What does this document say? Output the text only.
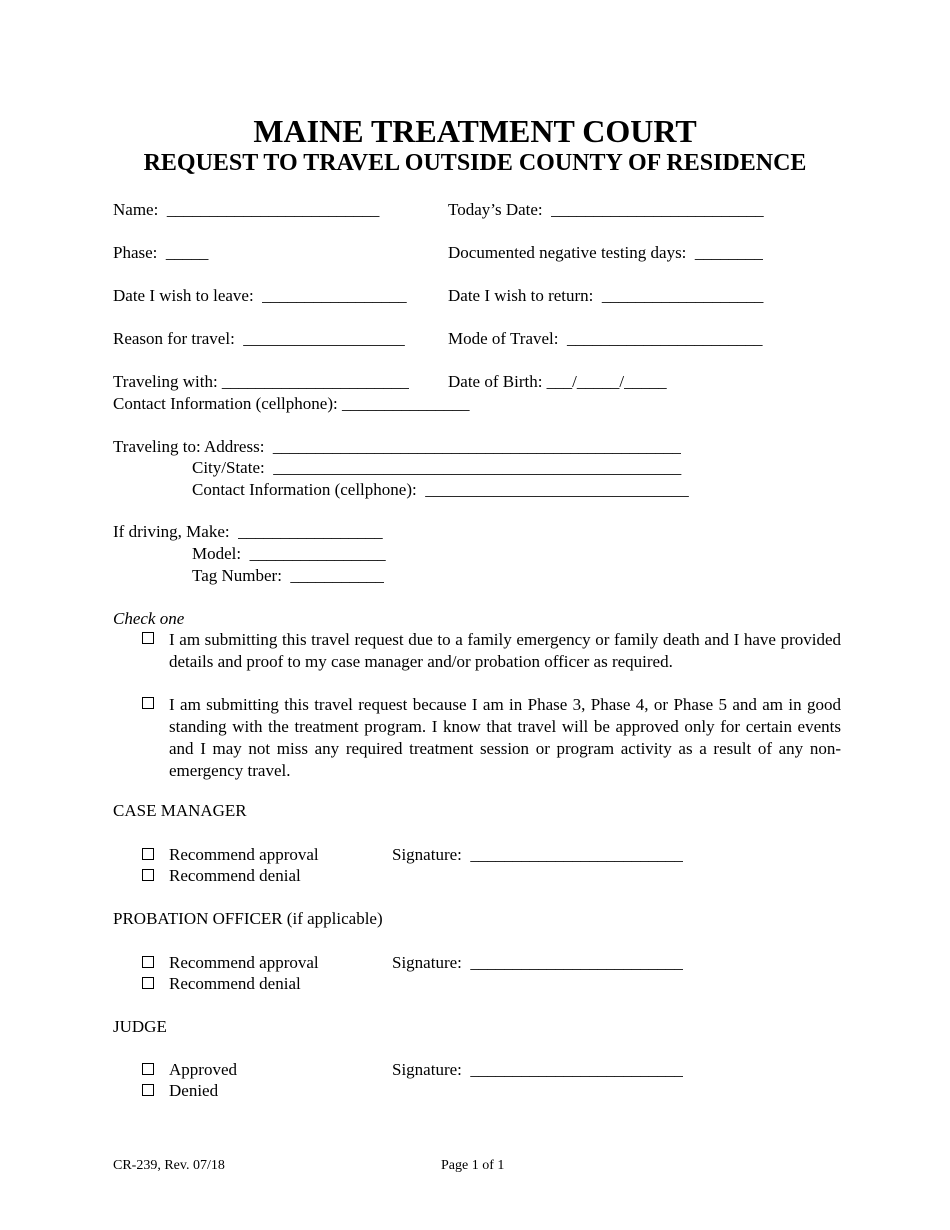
MAINE TREATMENT COURT
REQUEST TO TRAVEL OUTSIDE COUNTY OF RESIDENCE
Name:  _________________________	Today’s Date:  _________________________
Phase:  _____	Documented negative testing days:  ________
Date I wish to leave:  _________________ Date I wish to return:  ___________________
Reason for travel:  ___________________	Mode of Travel:  _______________________
Traveling with: ______________________ Date of Birth: ___/_____/_____
Contact Information (cellphone): _______________
Traveling to: Address:  ________________________________________________
City/State:  ________________________________________________
Contact Information (cellphone):  _______________________________
If driving, Make:  _________________
Model:  ________________
Tag Number:  ___________
Check one
I am submitting this travel request due to a family emergency or family death and I have provided details and proof to my case manager and/or probation officer as required.
I am submitting this travel request because I am in Phase 3, Phase 4, or Phase 5 and am in good standing with the treatment program. I know that travel will be approved only for certain events and I may not miss any required treatment session or program activity as a result of any non-emergency travel.
CASE MANAGER
Recommend approval	Signature:  _________________________
Recommend denial
PROBATION OFFICER (if applicable)
Recommend approval	Signature:  _________________________
Recommend denial
JUDGE
Approved	Signature:  _________________________
Denied
CR-239, Rev. 07/18	Page 1 of 1
